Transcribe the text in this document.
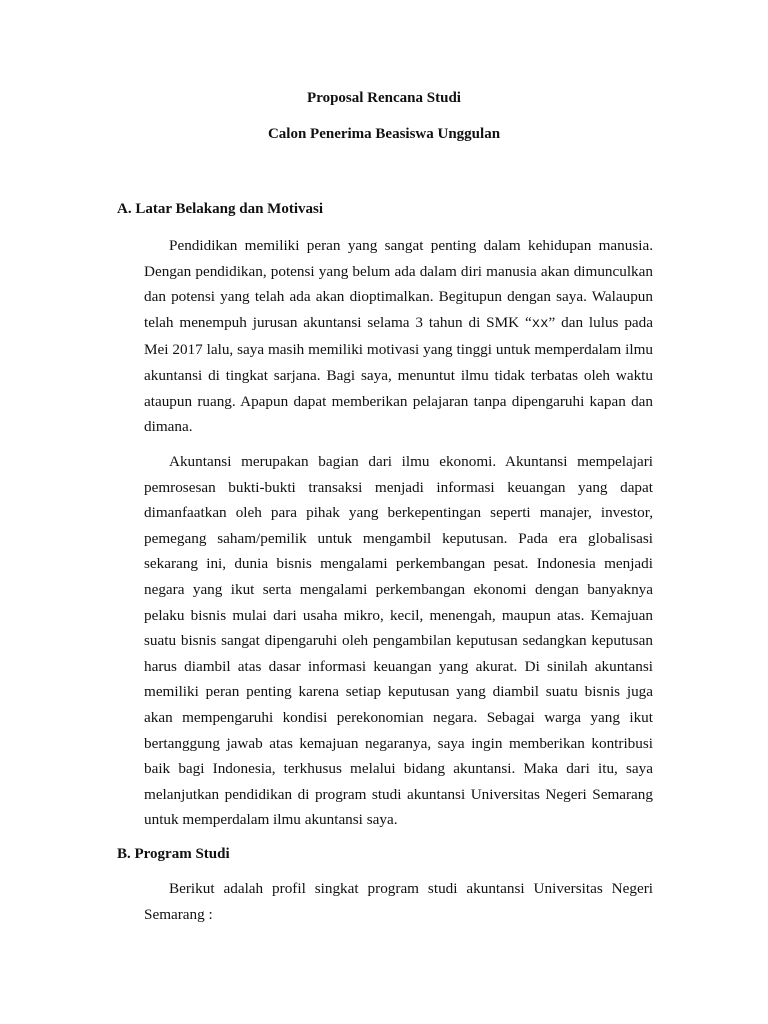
Proposal Rencana Studi
Calon Penerima Beasiswa Unggulan
A. Latar Belakang dan Motivasi

Pendidikan memiliki peran yang sangat penting dalam kehidupan manusia. Dengan pendidikan, potensi yang belum ada dalam diri manusia akan dimunculkan dan potensi yang telah ada akan dioptimalkan. Begitupun dengan saya. Walaupun telah menempuh jurusan akuntansi selama 3 tahun di SMK “xx” dan lulus pada Mei 2017 lalu, saya masih memiliki motivasi yang tinggi untuk memperdalam ilmu akuntansi di tingkat sarjana. Bagi saya, menuntut ilmu tidak terbatas oleh waktu ataupun ruang. Apapun dapat memberikan pelajaran tanpa dipengaruhi kapan dan dimana.

Akuntansi merupakan bagian dari ilmu ekonomi. Akuntansi mempelajari pemrosesan bukti-bukti transaksi menjadi informasi keuangan yang dapat dimanfaatkan oleh para pihak yang berkepentingan seperti manajer, investor, pemegang saham/pemilik untuk mengambil keputusan. Pada era globalisasi sekarang ini, dunia bisnis mengalami perkembangan pesat. Indonesia menjadi negara yang ikut serta mengalami perkembangan ekonomi dengan banyaknya pelaku bisnis mulai dari usaha mikro, kecil, menengah, maupun atas. Kemajuan suatu bisnis sangat dipengaruhi oleh pengambilan keputusan sedangkan keputusan harus diambil atas dasar informasi keuangan yang akurat. Di sinilah akuntansi memiliki peran penting karena setiap keputusan yang diambil suatu bisnis juga akan mempengaruhi kondisi perekonomian negara. Sebagai warga yang ikut bertanggung jawab atas kemajuan negaranya, saya ingin memberikan kontribusi baik bagi Indonesia, terkhusus melalui bidang akuntansi. Maka dari itu, saya melanjutkan pendidikan di program studi akuntansi Universitas Negeri Semarang untuk memperdalam ilmu akuntansi saya.

B. Program Studi

Berikut adalah profil singkat program studi akuntansi Universitas Negeri Semarang :
